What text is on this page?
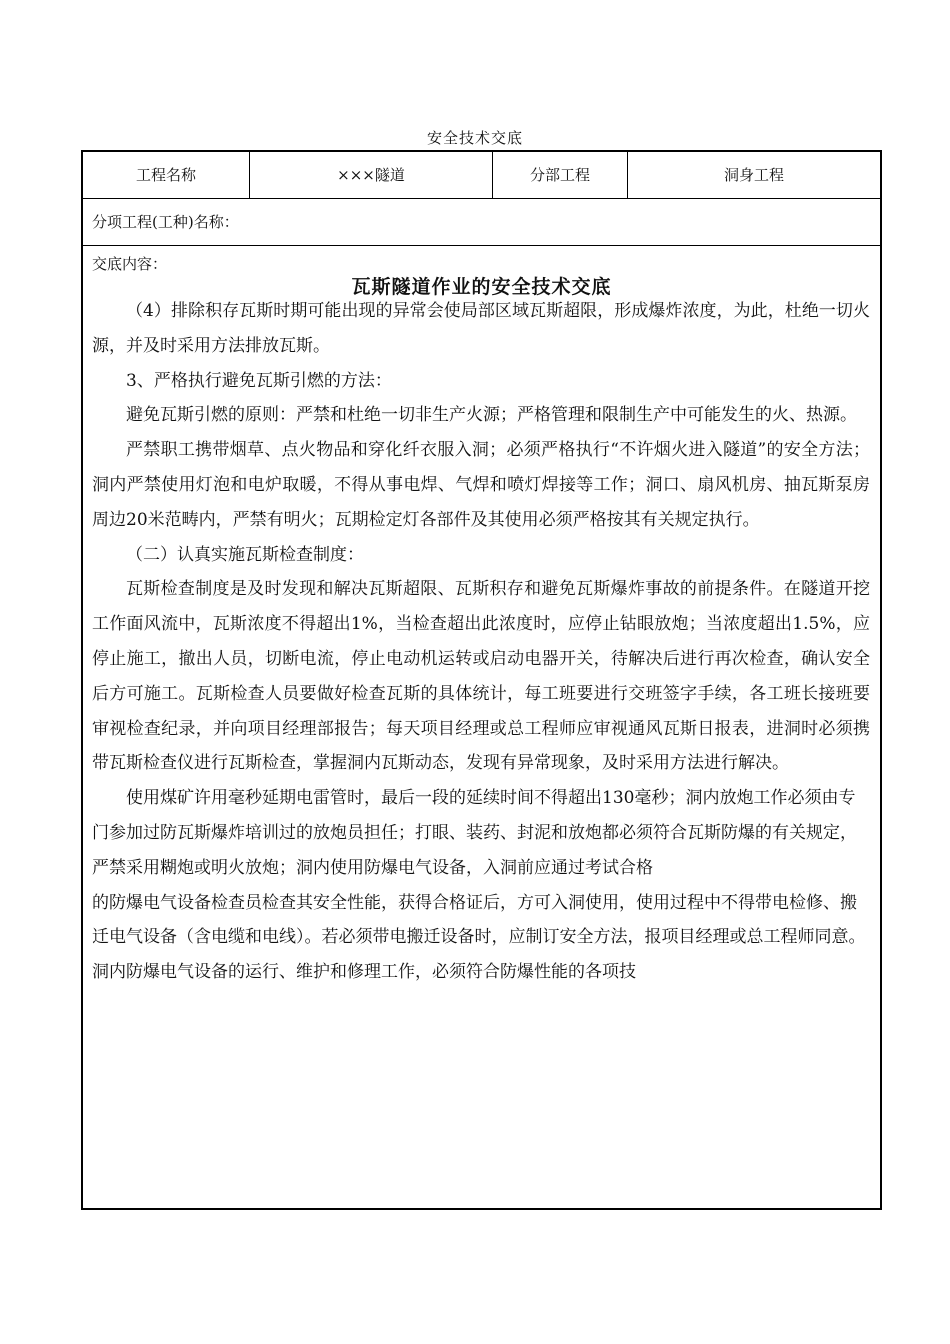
安全技术交底
工程名称	×××隧道	分部工程	洞身工程
分项工程(工种)名称：
交底内容：
瓦斯隧道作业的安全技术交底

（4）排除积存瓦斯时期可能出现的异常会使局部区域瓦斯超限，形成爆炸浓度，为此，杜绝一切火源，并及时采用方法排放瓦斯。

3、严格执行避免瓦斯引燃的方法：

避免瓦斯引燃的原则：严禁和杜绝一切非生产火源；严格管理和限制生产中可能发生的火、热源。

严禁职工携带烟草、点火物品和穿化纤衣服入洞；必须严格执行“不许烟火进入隧道”的安全方法；洞内严禁使用灯泡和电炉取暖，不得从事电焊、气焊和喷灯焊接等工作；洞口、扇风机房、抽瓦斯泵房周边20米范畴内，严禁有明火；瓦期检定灯各部件及其使用必须严格按其有关规定执行。

（二）认真实施瓦斯检查制度：

瓦斯检查制度是及时发现和解决瓦斯超限、瓦斯积存和避免瓦斯爆炸事故的前提条件。在隧道开挖工作面风流中，瓦斯浓度不得超出1%，当检查超出此浓度时，应停止钻眼放炮；当浓度超出1.5%，应停止施工，撤出人员，切断电流，停止电动机运转或启动电器开关，待解决后进行再次检查，确认安全后方可施工。瓦斯检查人员要做好检查瓦斯的具体统计，每工班要进行交班签字手续，各工班长接班要审视检查纪录，并向项目经理部报告；每天项目经理或总工程师应审视通风瓦斯日报表，进洞时必须携带瓦斯检查仪进行瓦斯检查，掌握洞内瓦斯动态，发现有异常现象，及时采用方法进行解决。

使用煤矿许用毫秒延期电雷管时，最后一段的延续时间不得超出130毫秒；洞内放炮工作必须由专门参加过防瓦斯爆炸培训过的放炮员担任；打眼、装药、封泥和放炮都必须符合瓦斯防爆的有关规定，严禁采用糊炮或明火放炮；洞内使用防爆电气设备，入洞前应通过考试合格

的防爆电气设备检查员检查其安全性能，获得合格证后，方可入洞使用，使用过程中不得带电检修、搬迁电气设备（含电缆和电线）。若必须带电搬迁设备时，应制订安全方法，报项目经理或总工程师同意。洞内防爆电气设备的运行、维护和修理工作，必须符合防爆性能的各项技
